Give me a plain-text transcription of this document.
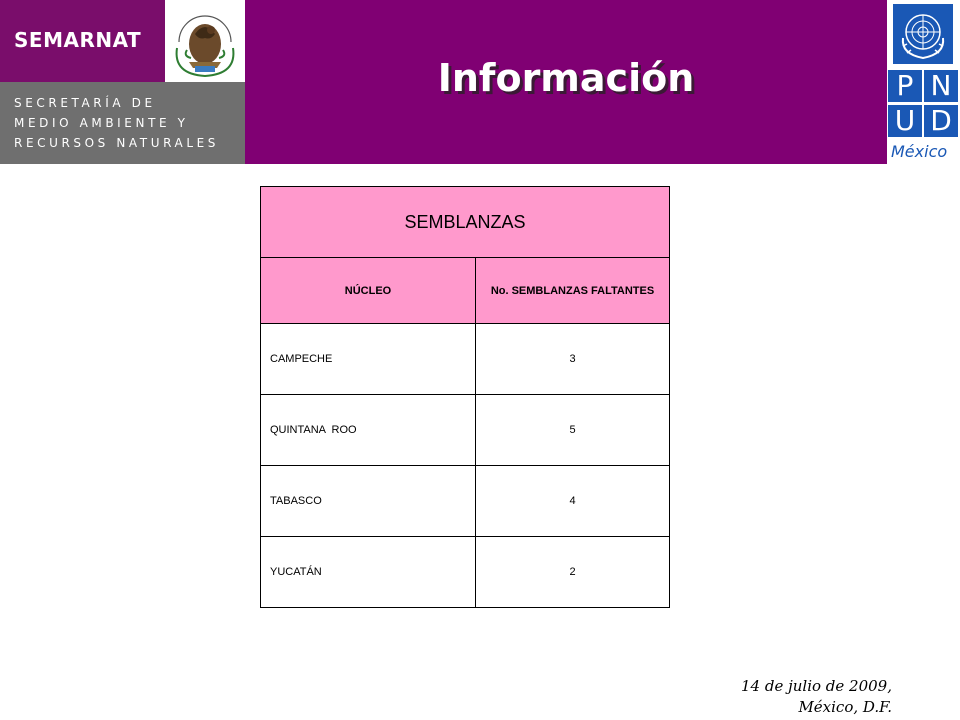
SEMARNAT
SECRETARÍA DE
MEDIO AMBIENTE Y
RECURSOS NATURALES
Información	P N
U D
México
SEMBLANZAS	
NÚCLEO	No. SEMBLANZAS FALTANTES
CAMPECHE	3
QUINTANA  ROO	5
TABASCO	4
YUCATÁN	2
14 de julio de 2009,
México, D.F.
